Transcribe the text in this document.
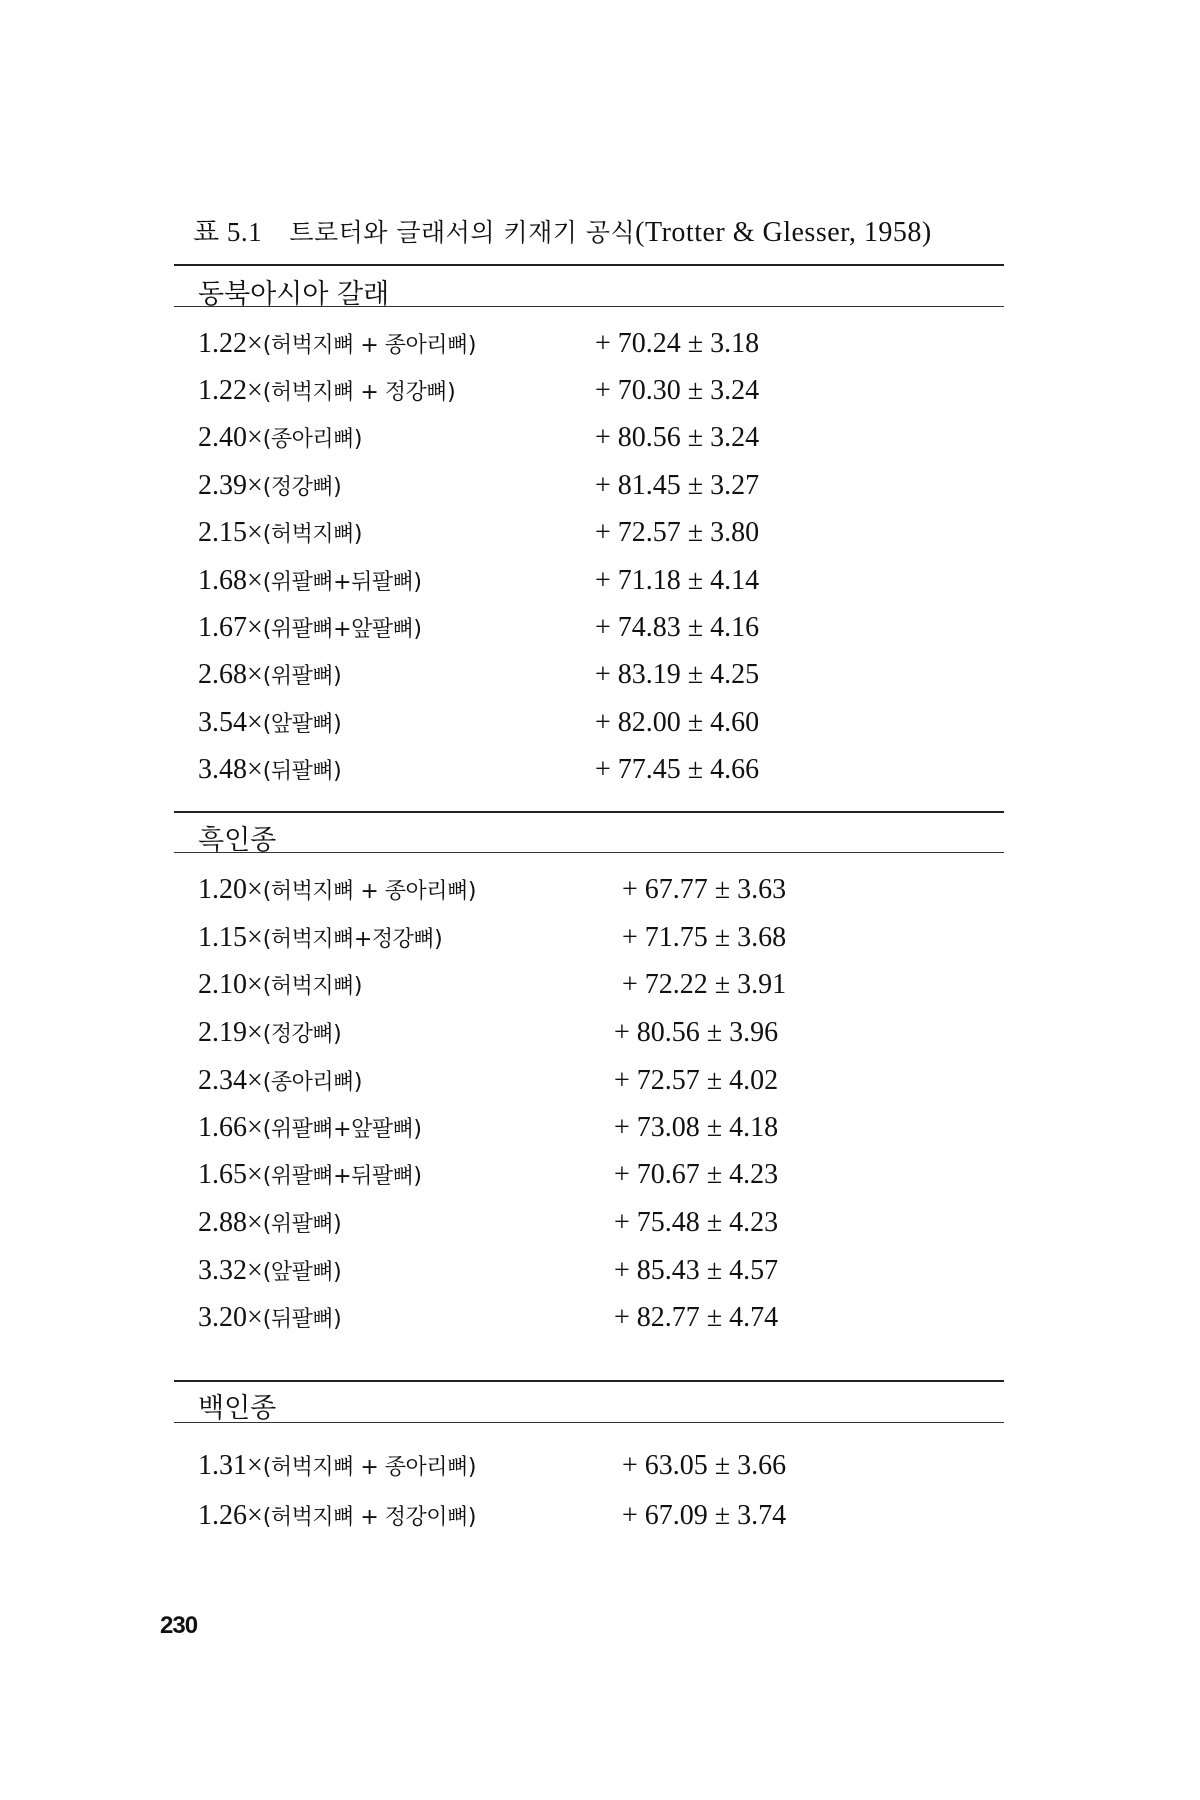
표 5.1 트로터와 글래서의 키재기 공식(Trotter & Glesser, 1958)
동북아시아 갈래
1.22×(허벅지뼈 + 종아리뼈)	+ 70.24 ± 3.18
1.22×(허벅지뼈 + 정강뼈)	+ 70.30 ± 3.24
2.40×(종아리뼈)	+ 80.56 ± 3.24
2.39×(정강뼈)	+ 81.45 ± 3.27
2.15×(허벅지뼈)	+ 72.57 ± 3.80
1.68×(위팔뼈+뒤팔뼈)	+ 71.18 ± 4.14
1.67×(위팔뼈+앞팔뼈)	+ 74.83 ± 4.16
2.68×(위팔뼈)	+ 83.19 ± 4.25
3.54×(앞팔뼈)	+ 82.00 ± 4.60
3.48×(뒤팔뼈)	+ 77.45 ± 4.66
흑인종
1.20×(허벅지뼈 + 종아리뼈)	+ 67.77 ± 3.63
1.15×(허벅지뼈+정강뼈)	+ 71.75 ± 3.68
2.10×(허벅지뼈)	+ 72.22 ± 3.91
2.19×(정강뼈)	+ 80.56 ± 3.96
2.34×(종아리뼈)	+ 72.57 ± 4.02
1.66×(위팔뼈+앞팔뼈)	+ 73.08 ± 4.18
1.65×(위팔뼈+뒤팔뼈)	+ 70.67 ± 4.23
2.88×(위팔뼈)	+ 75.48 ± 4.23
3.32×(앞팔뼈)	+ 85.43 ± 4.57
3.20×(뒤팔뼈)	+ 82.77 ± 4.74
백인종
1.31×(허벅지뼈 + 종아리뼈)	+ 63.05 ± 3.66
1.26×(허벅지뼈 + 정강이뼈)	+ 67.09 ± 3.74
230
